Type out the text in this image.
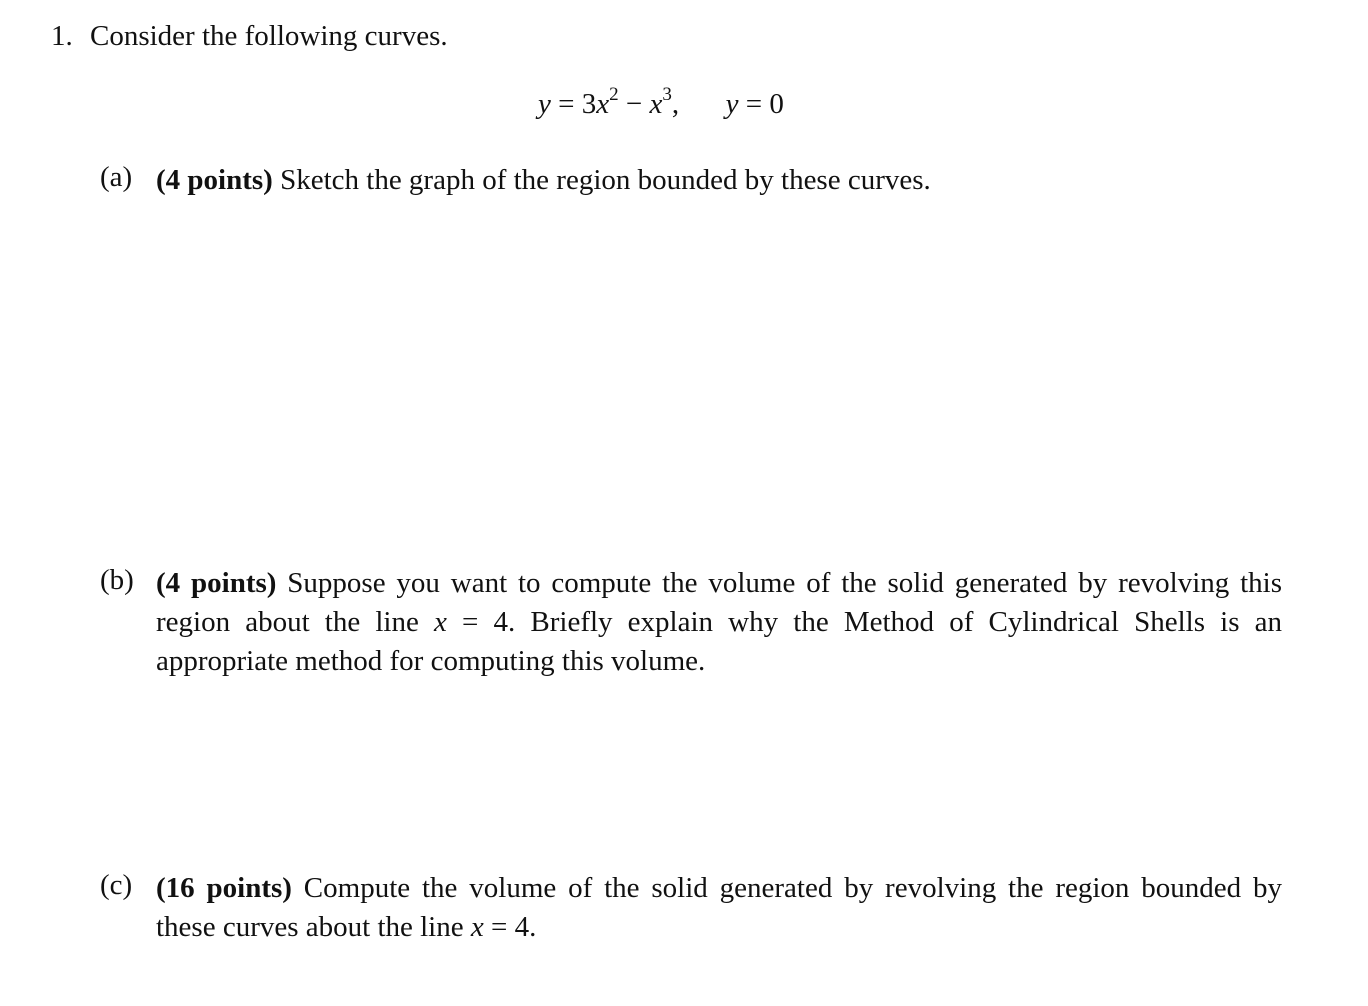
1. Consider the following curves.
$y = 3x^2 - x^3$, y = 0
(a) (4 points) Sketch the graph of the region bounded by these curves.
(b) (4 points) Suppose you want to compute the volume of the solid generated by revolving this region about the line x = 4. Briefly explain why the Method of Cylindrical Shells is an appropriate method for computing this volume.
(c) (16 points) Compute the volume of the solid generated by revolving the region bounded by these curves about the line x = 4.
